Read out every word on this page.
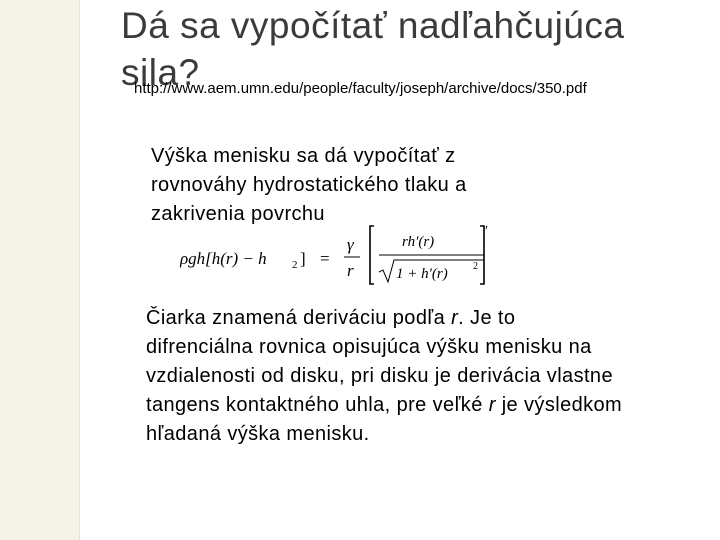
Dá sa vypočítať nadľahčujúca sila?
http://www.aem.umn.edu/people/faculty/joseph/archive/docs/350.pdf

Výška menisku sa dá vypočítať z rovnováhy hydrostatického tlaku a zakrivenia povrchu

ρgh[h(r) − h 2 ] =
γ
r
rh′(r)
1 + h′(r)	2
′

Čiarka znamená deriváciu podľa r. Je to difrenciálna rovnica opisujúca výšku menisku na vzdialenosti od disku, pri disku je derivácia vlastne tangens kontaktného uhla, pre veľké r je výsledkom hľadaná výška menisku.
